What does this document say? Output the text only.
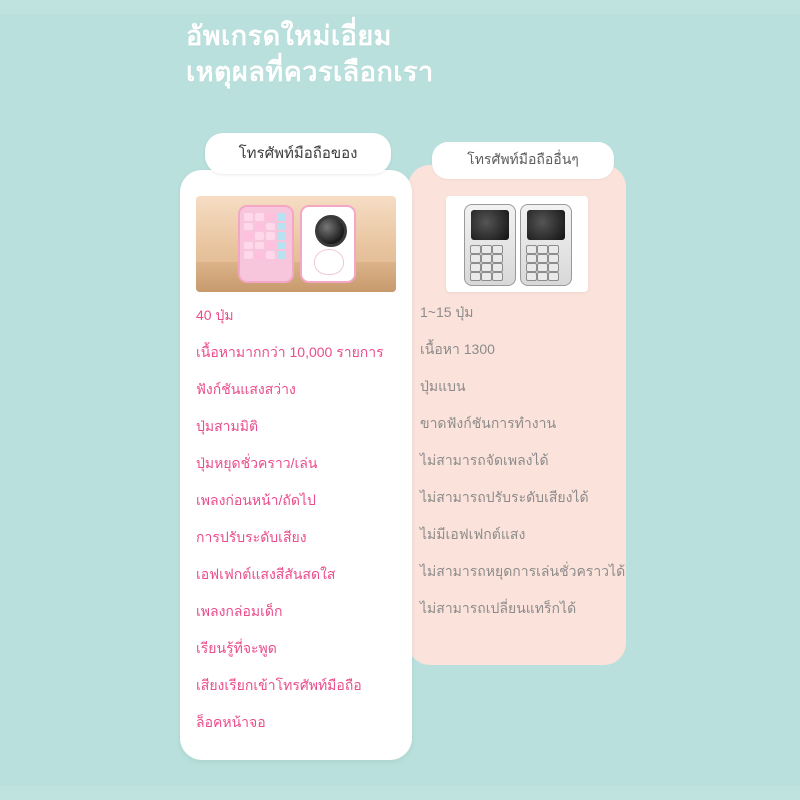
อัพเกรดใหม่เอี่ยม
เหตุผลที่ควรเลือกเรา
โทรศัพท์มือถืออื่นๆ
1~15 ปุ่ม
เนื้อหา 1300
ปุ่มแบน
ขาดฟังก์ชันการทำงาน
ไม่สามารถจัดเพลงได้
ไม่สามารถปรับระดับเสียงได้
ไม่มีเอฟเฟกต์แสง
ไม่สามารถหยุดการเล่นชั่วคราวได้
ไม่สามารถเปลี่ยนแทร็กได้
โทรศัพท์มือถือของ
40 ปุ่ม
เนื้อหามากกว่า 10,000 รายการ
ฟังก์ชันแสงสว่าง
ปุ่มสามมิติ
ปุ่มหยุดชั่วคราว/เล่น
เพลงก่อนหน้า/ถัดไป
การปรับระดับเสียง
เอฟเฟกต์แสงสีสันสดใส
เพลงกล่อมเด็ก
เรียนรู้ที่จะพูด
เสียงเรียกเข้าโทรศัพท์มือถือ
ล็อคหน้าจอ
